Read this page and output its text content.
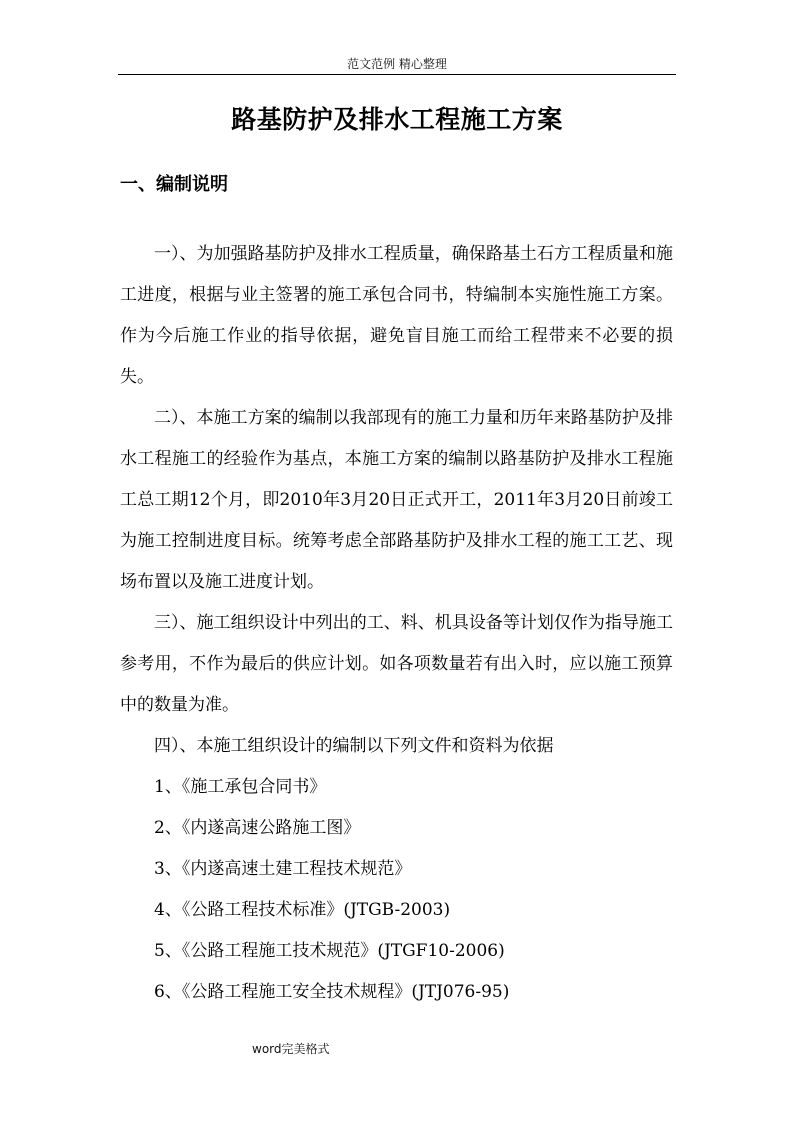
范文范例 精心整理
路基防护及排水工程施工方案
一、编制说明

一）、为加强路基防护及排水工程质量，确保路基土石方工程质量和施工进度，根据与业主签署的施工承包合同书，特编制本实施性施工方案。作为今后施工作业的指导依据，避免盲目施工而给工程带来不必要的损失。

二）、本施工方案的编制以我部现有的施工力量和历年来路基防护及排水工程施工的经验作为基点，本施工方案的编制以路基防护及排水工程施工总工期12个月，即2010年3月20日正式开工，2011年3月20日前竣工为施工控制进度目标。统筹考虑全部路基防护及排水工程的施工工艺、现场布置以及施工进度计划。

三）、施工组织设计中列出的工、料、机具设备等计划仅作为指导施工参考用，不作为最后的供应计划。如各项数量若有出入时，应以施工预算中的数量为准。

四）、本施工组织设计的编制以下列文件和资料为依据

1、《施工承包合同书》

2、《内遂高速公路施工图》

3、《内遂高速土建工程技术规范》

4、《公路工程技术标准》(JTGB-2003)

5、《公路工程施工技术规范》(JTGF10-2006)

6、《公路工程施工安全技术规程》(JTJ076-95)

word完美格式
